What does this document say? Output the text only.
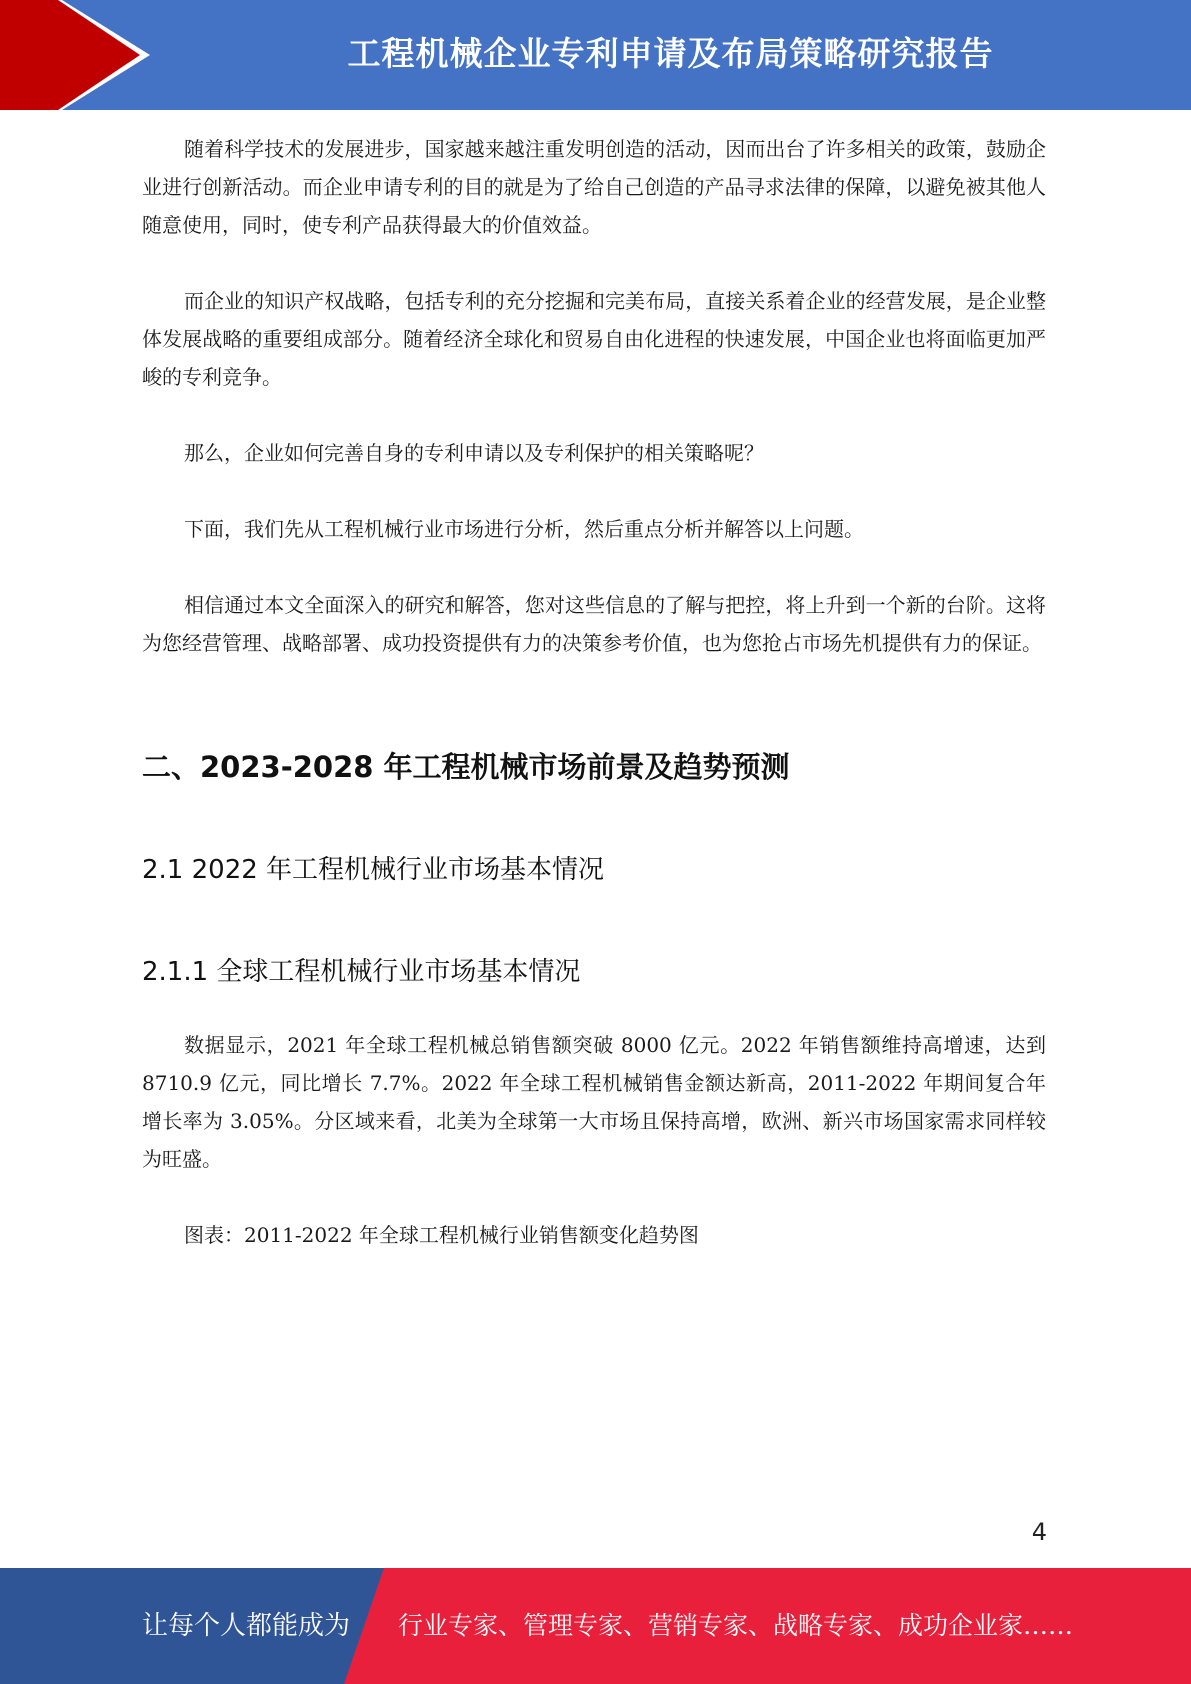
工程机械企业专利申请及布局策略研究报告

随着科学技术的发展进步，国家越来越注重发明创造的活动，因而出台了许多相关的政策，鼓励企业进行创新活动。而企业申请专利的目的就是为了给自己创造的产品寻求法律的保障，以避免被其他人随意使用，同时，使专利产品获得最大的价值效益。

而企业的知识产权战略，包括专利的充分挖掘和完美布局，直接关系着企业的经营发展，是企业整体发展战略的重要组成部分。随着经济全球化和贸易自由化进程的快速发展，中国企业也将面临更加严峻的专利竞争。

那么，企业如何完善自身的专利申请以及专利保护的相关策略呢？

下面，我们先从工程机械行业市场进行分析，然后重点分析并解答以上问题。

相信通过本文全面深入的研究和解答，您对这些信息的了解与把控，将上升到一个新的台阶。这将为您经营管理、战略部署、成功投资提供有力的决策参考价值，也为您抢占市场先机提供有力的保证。

二、2023-2028 年工程机械市场前景及趋势预测
2.1 2022 年工程机械行业市场基本情况
2.1.1 全球工程机械行业市场基本情况

数据显示，2021 年全球工程机械总销售额突破 8000 亿元。2022 年销售额维持高增速，达到 8710.9 亿元，同比增长 7.7%。2022 年全球工程机械销售金额达新高，2011-2022 年期间复合年增长率为 3.05%。分区域来看，北美为全球第一大市场且保持高增，欧洲、新兴市场国家需求同样较为旺盛。

图表：2011-2022 年全球工程机械行业销售额变化趋势图

4
让每个人都能成为 行业专家、管理专家、营销专家、战略专家、成功企业家……
